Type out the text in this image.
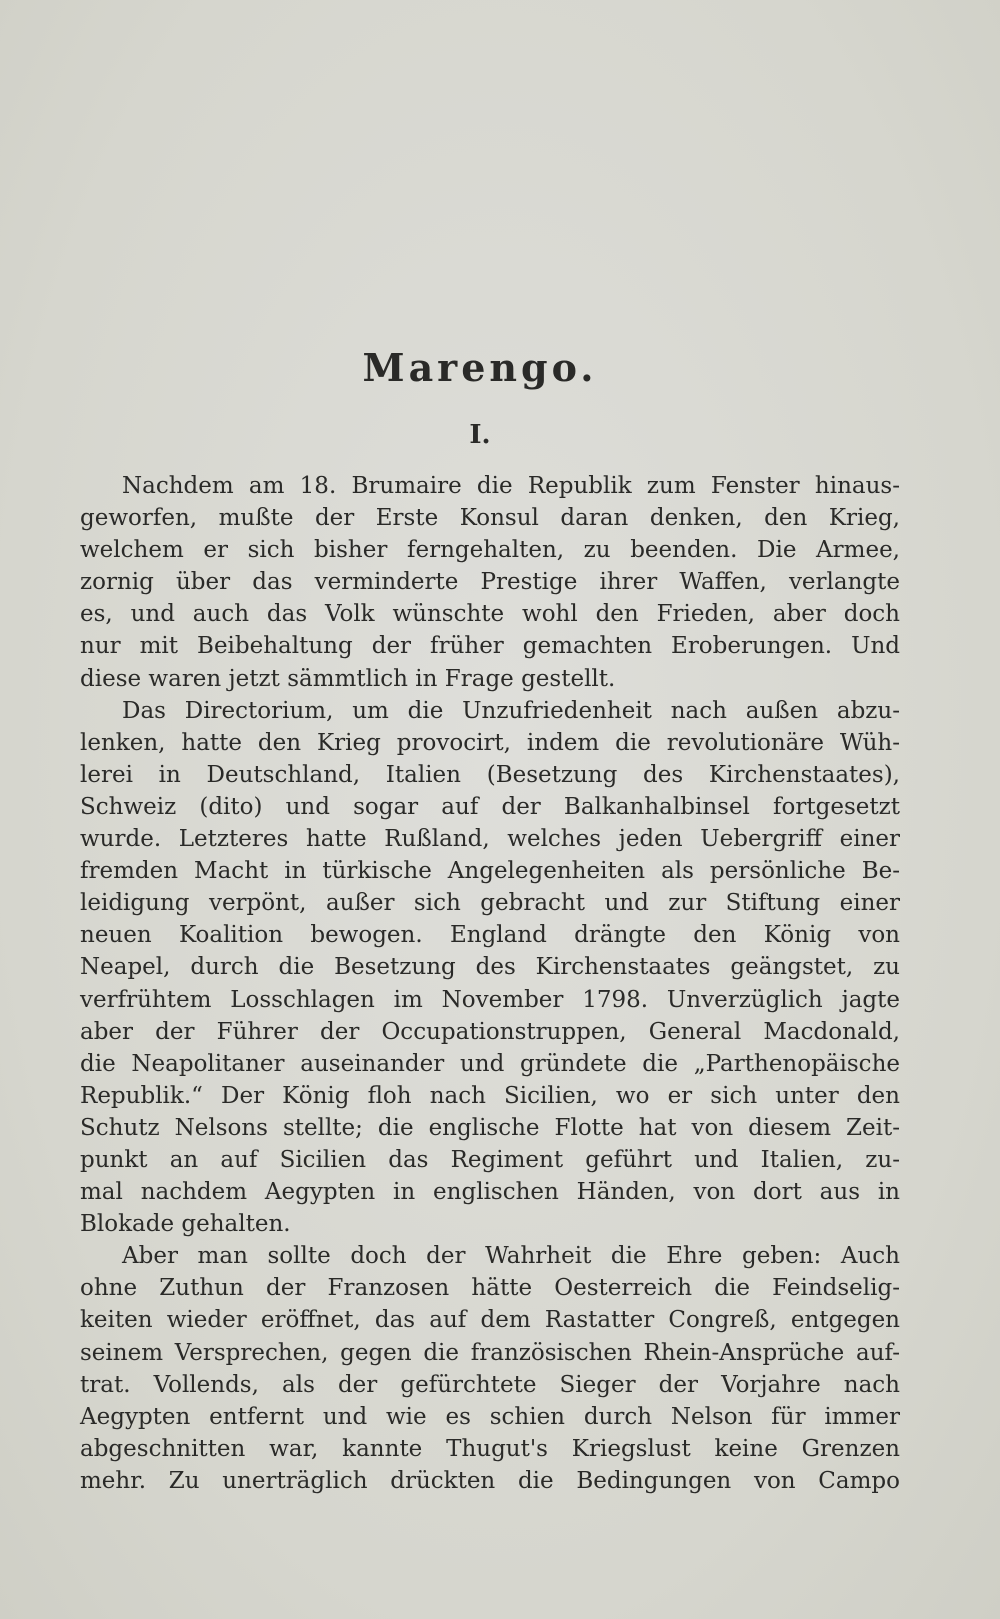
Marengo.
I.
Nachdem am 18. Brumaire die Republik zum Fenster hinaus-
geworfen, mußte der Erste Konsul daran denken, den Krieg,
welchem er sich bisher ferngehalten, zu beenden. Die Armee,
zornig über das verminderte Prestige ihrer Waffen, verlangte
es, und auch das Volk wünschte wohl den Frieden, aber doch
nur mit Beibehaltung der früher gemachten Eroberungen. Und
diese waren jetzt sämmtlich in Frage gestellt.
Das Directorium, um die Unzufriedenheit nach außen abzu-
lenken, hatte den Krieg provocirt, indem die revolutionäre Wüh-
lerei in Deutschland, Italien (Besetzung des Kirchenstaates),
Schweiz (dito) und sogar auf der Balkanhalbinsel fortgesetzt
wurde. Letzteres hatte Rußland, welches jeden Uebergriff einer
fremden Macht in türkische Angelegenheiten als persönliche Be-
leidigung verpönt, außer sich gebracht und zur Stiftung einer
neuen Koalition bewogen. England drängte den König von
Neapel, durch die Besetzung des Kirchenstaates geängstet, zu
verfrühtem Losschlagen im November 1798. Unverzüglich jagte
aber der Führer der Occupationstruppen, General Macdonald,
die Neapolitaner auseinander und gründete die „Parthenopäische
Republik.“ Der König floh nach Sicilien, wo er sich unter den
Schutz Nelsons stellte; die englische Flotte hat von diesem Zeit-
punkt an auf Sicilien das Regiment geführt und Italien, zu-
mal nachdem Aegypten in englischen Händen, von dort aus in
Blokade gehalten.
Aber man sollte doch der Wahrheit die Ehre geben: Auch
ohne Zuthun der Franzosen hätte Oesterreich die Feindselig-
keiten wieder eröffnet, das auf dem Rastatter Congreß, entgegen
seinem Versprechen, gegen die französischen Rhein-Ansprüche auf-
trat. Vollends, als der gefürchtete Sieger der Vorjahre nach
Aegypten entfernt und wie es schien durch Nelson für immer
abgeschnitten war, kannte Thugut's Kriegslust keine Grenzen
mehr. Zu unerträglich drückten die Bedingungen von Campo
